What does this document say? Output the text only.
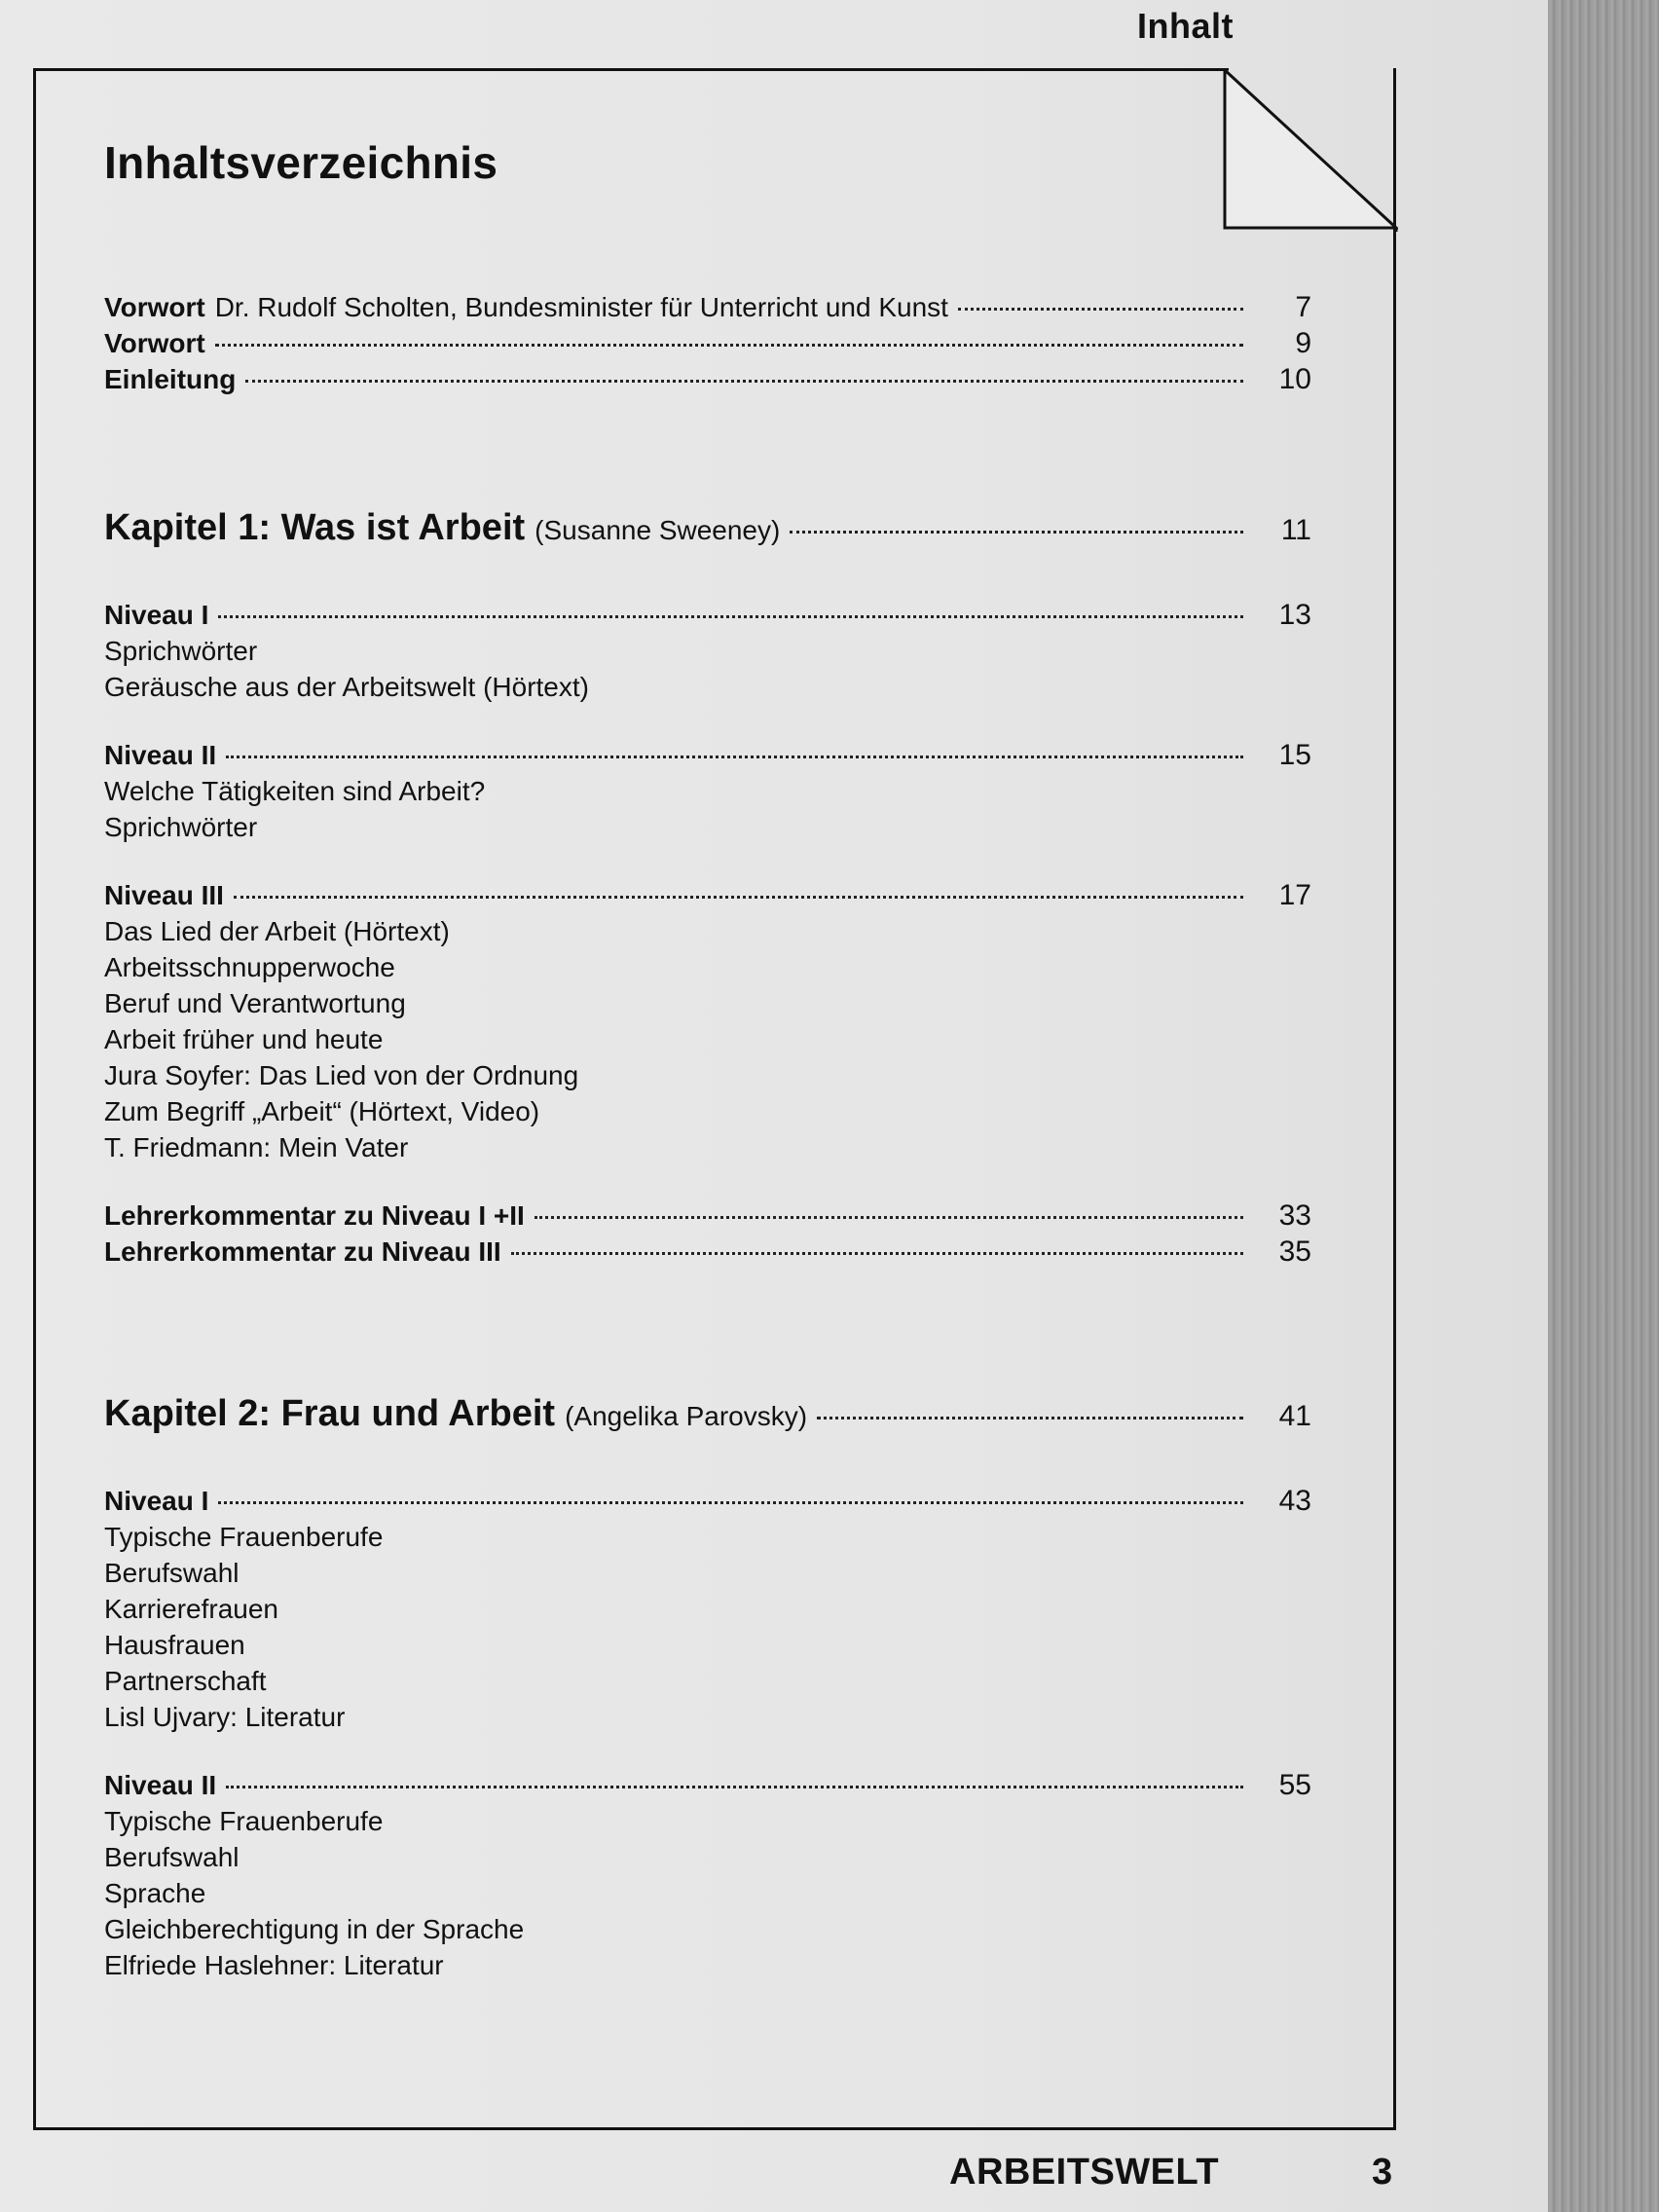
Inhalt
Inhaltsverzeichnis
Vorwort Dr. Rudolf Scholten, Bundesminister für Unterricht und Kunst	7
Vorwort	9
Einleitung	10
Kapitel 1: Was ist Arbeit (Susanne Sweeney)	11
Niveau I	13
Sprichwörter
Geräusche aus der Arbeitswelt (Hörtext)
Niveau II	15
Welche Tätigkeiten sind Arbeit?
Sprichwörter
Niveau III	17
Das Lied der Arbeit (Hörtext)
Arbeitsschnupperwoche
Beruf und Verantwortung
Arbeit früher und heute
Jura Soyfer: Das Lied von der Ordnung
Zum Begriff „Arbeit“ (Hörtext, Video)
T. Friedmann: Mein Vater
Lehrerkommentar zu Niveau I +II	33
Lehrerkommentar zu Niveau III	35
Kapitel 2: Frau und Arbeit (Angelika Parovsky)	41
Niveau I	43
Typische Frauenberufe
Berufswahl
Karrierefrauen
Hausfrauen
Partnerschaft
Lisl Ujvary: Literatur
Niveau II	55
Typische Frauenberufe
Berufswahl
Sprache
Gleichberechtigung in der Sprache
Elfriede Haslehner: Literatur
ARBEITSWELT	3
